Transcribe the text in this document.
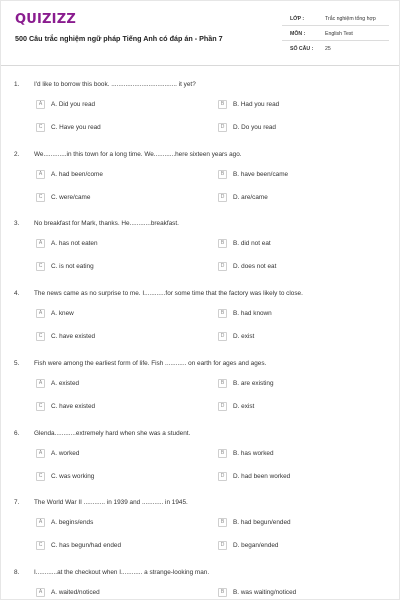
QUIZIZZ
500 Câu trắc nghiệm ngữ pháp Tiếng Anh có đáp án - Phần 7
LỚP :	Trắc nghiệm tổng hợp
MÔN :	English Test
SỐ CÂU : 25
1. I'd like to borrow this book. ..................................... it yet?
A	A. Did you read	B	B. Had you read
C	C. Have you read	D	D. Do you read
2. We.............in this town for a long time. We............here sixteen years ago.
A	A. had been/come	B	B. have been/came
C	C. were/came	D	D. are/came
3. No breakfast for Mark, thanks. He............breakfast.
A	A. has not eaten	B	B. did not eat
C	C. is not eating	D	D. does not eat
4. The news came as no surprise to me. I............for some time that the factory was likely to close.
A	A. knew	B	B. had known
C	C. have existed	D	D. exist
5. Fish were among the earliest form of life. Fish ............ on earth for ages and ages.
A	A. existed	B	B. are existing
C	C. have existed	D	D. exist
6. Glenda............extremely hard when she was a student.
A	A. worked	B	B. has worked
C	C. was working	D	D. had been worked
7. The World War II ............ in 1939 and ............ in 1945.
A	A. begins/ends	B	B. had begun/ended
C	C. has begun/had ended	D	D. began/ended
8. I............at the checkout when I............ a strange-looking man.
A	A. waited/noticed	B	B. was waiting/noticed
